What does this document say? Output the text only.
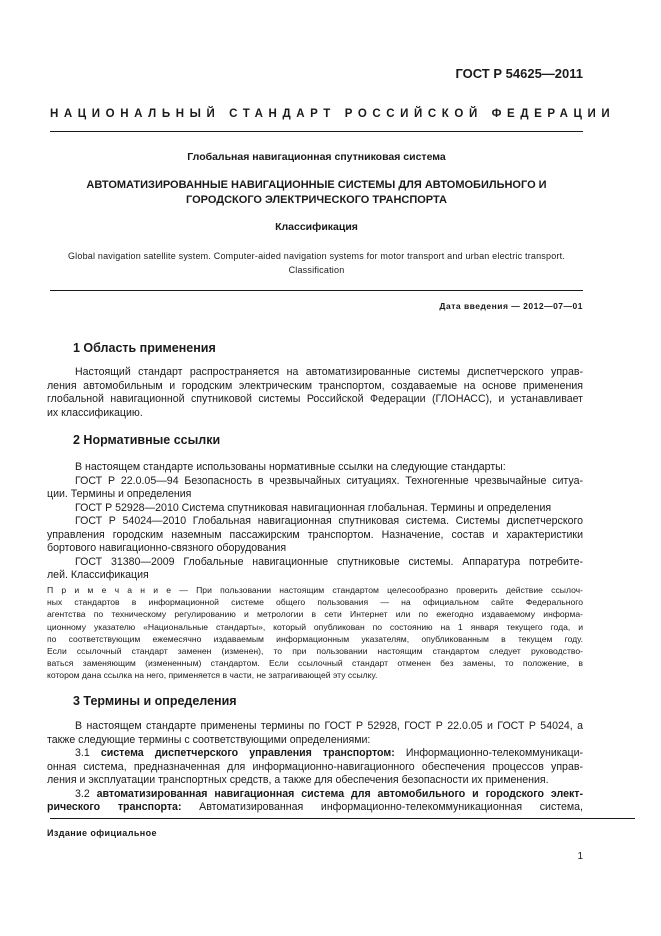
ГОСТ Р 54625—2011
НАЦИОНАЛЬНЫЙ СТАНДАРТ РОССИЙСКОЙ ФЕДЕРАЦИИ
Глобальная навигационная спутниковая система
АВТОМАТИЗИРОВАННЫЕ НАВИГАЦИОННЫЕ СИСТЕМЫ ДЛЯ АВТОМОБИЛЬНОГО И
ГОРОДСКОГО ЭЛЕКТРИЧЕСКОГО ТРАНСПОРТА
Классификация
Global navigation satellite system. Computer-aided navigation systems for motor transport and urban electric transport.
Classification
Дата введения — 2012—07—01
1 Область применения
Настоящий стандарт распространяется на автоматизированные системы диспетчерского управ-
ления автомобильным и городским электрическим транспортом, создаваемые на основе применения
глобальной навигационной спутниковой системы Российской Федерации (ГЛОНАСС), и устанавливает
их классификацию.
2 Нормативные ссылки
В настоящем стандарте использованы нормативные ссылки на следующие стандарты:
ГОСТ Р 22.0.05—94 Безопасность в чрезвычайных ситуациях. Техногенные чрезвычайные ситуа-
ции. Термины и определения
ГОСТ Р 52928—2010 Система спутниковая навигационная глобальная. Термины и определения
ГОСТ Р 54024—2010 Глобальная навигационная спутниковая система. Системы диспетчерского
управления городским наземным пассажирским транспортом. Назначение, состав и характеристики
бортового навигационно-связного оборудования
ГОСТ 31380—2009 Глобальные навигационные спутниковые системы. Аппаратура потребите-
лей. Классификация
П р и м е ч а н и е — При пользовании настоящим стандартом целесообразно проверить действие ссылоч-
ных стандартов в информационной системе общего пользования — на официальном сайте Федерального
агентства по техническому регулированию и метрологии в сети Интернет или по ежегодно издаваемому информа-
ционному указателю «Национальные стандарты», который опубликован по состоянию на 1 января текущего года, и
по соответствующим ежемесячно издаваемым информационным указателям, опубликованным в текущем году.
Если ссылочный стандарт заменен (изменен), то при пользовании настоящим стандартом следует руководство-
ваться заменяющим (измененным) стандартом. Если ссылочный стандарт отменен без замены, то положение, в
котором дана ссылка на него, применяется в части, не затрагивающей эту ссылку.
3 Термины и определения
В настоящем стандарте применены термины по ГОСТ Р 52928, ГОСТ Р 22.0.05 и ГОСТ Р 54024, а
также следующие термины с соответствующими определениями:
3.1 система диспетчерского управления транспортом: Информационно-телекоммуникаци-
онная система, предназначенная для информационно-навигационного обеспечения процессов управ-
ления и эксплуатации транспортных средств, а также для обеспечения безопасности их применения.
3.2 автоматизированная навигационная система для автомобильного и городского элект-
рического транспорта: Автоматизированная информационно-телекоммуникационная система,
Издание официальное
1
